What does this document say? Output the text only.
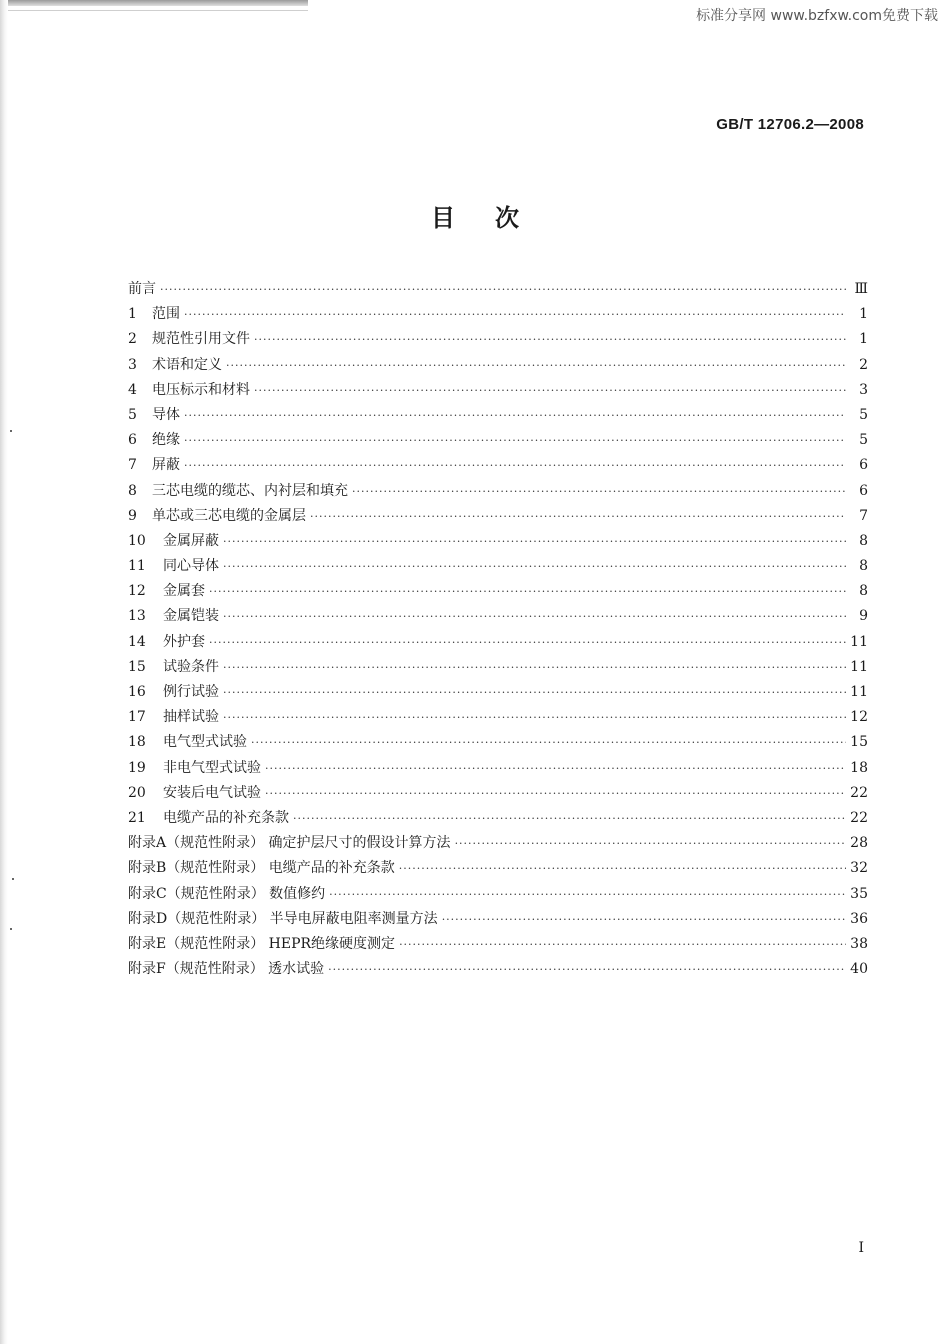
标准分享网 www.bzfxw.com免费下载
GB/T 12706.2—2008
目次
前言 ·····	Ⅲ
1	范围 ·····	1
2	规范性引用文件 ·····	1
3	术语和定义 ·····	2
4	电压标示和材料 ·····	3
5	导体 ·····	5
6	绝缘 ·····	5
7	屏蔽 ·····	6
8	三芯电缆的缆芯、内衬层和填充 ·····	6
9	单芯或三芯电缆的金属层 ·····	7
10	金属屏蔽 ·····	8
11	同心导体 ·····	8
12	金属套 ·····	8
13	金属铠装 ·····	9
14	外护套 ·····	11
15	试验条件 ·····	11
16	例行试验 ·····	11
17	抽样试验 ·····	12
18	电气型式试验 ·····	15
19	非电气型式试验 ·····	18
20	安装后电气试验 ·····	22
21	电缆产品的补充条款 ·····	22
附录A（规范性附录） 确定护层尺寸的假设计算方法 ·····	28
附录B（规范性附录） 电缆产品的补充条款 ·····	32
附录C（规范性附录） 数值修约 ·····	35
附录D（规范性附录） 半导电屏蔽电阻率测量方法 ·····	36
附录E（规范性附录） HEPR绝缘硬度测定 ·····	38
附录F（规范性附录） 透水试验 ·····	40
I
